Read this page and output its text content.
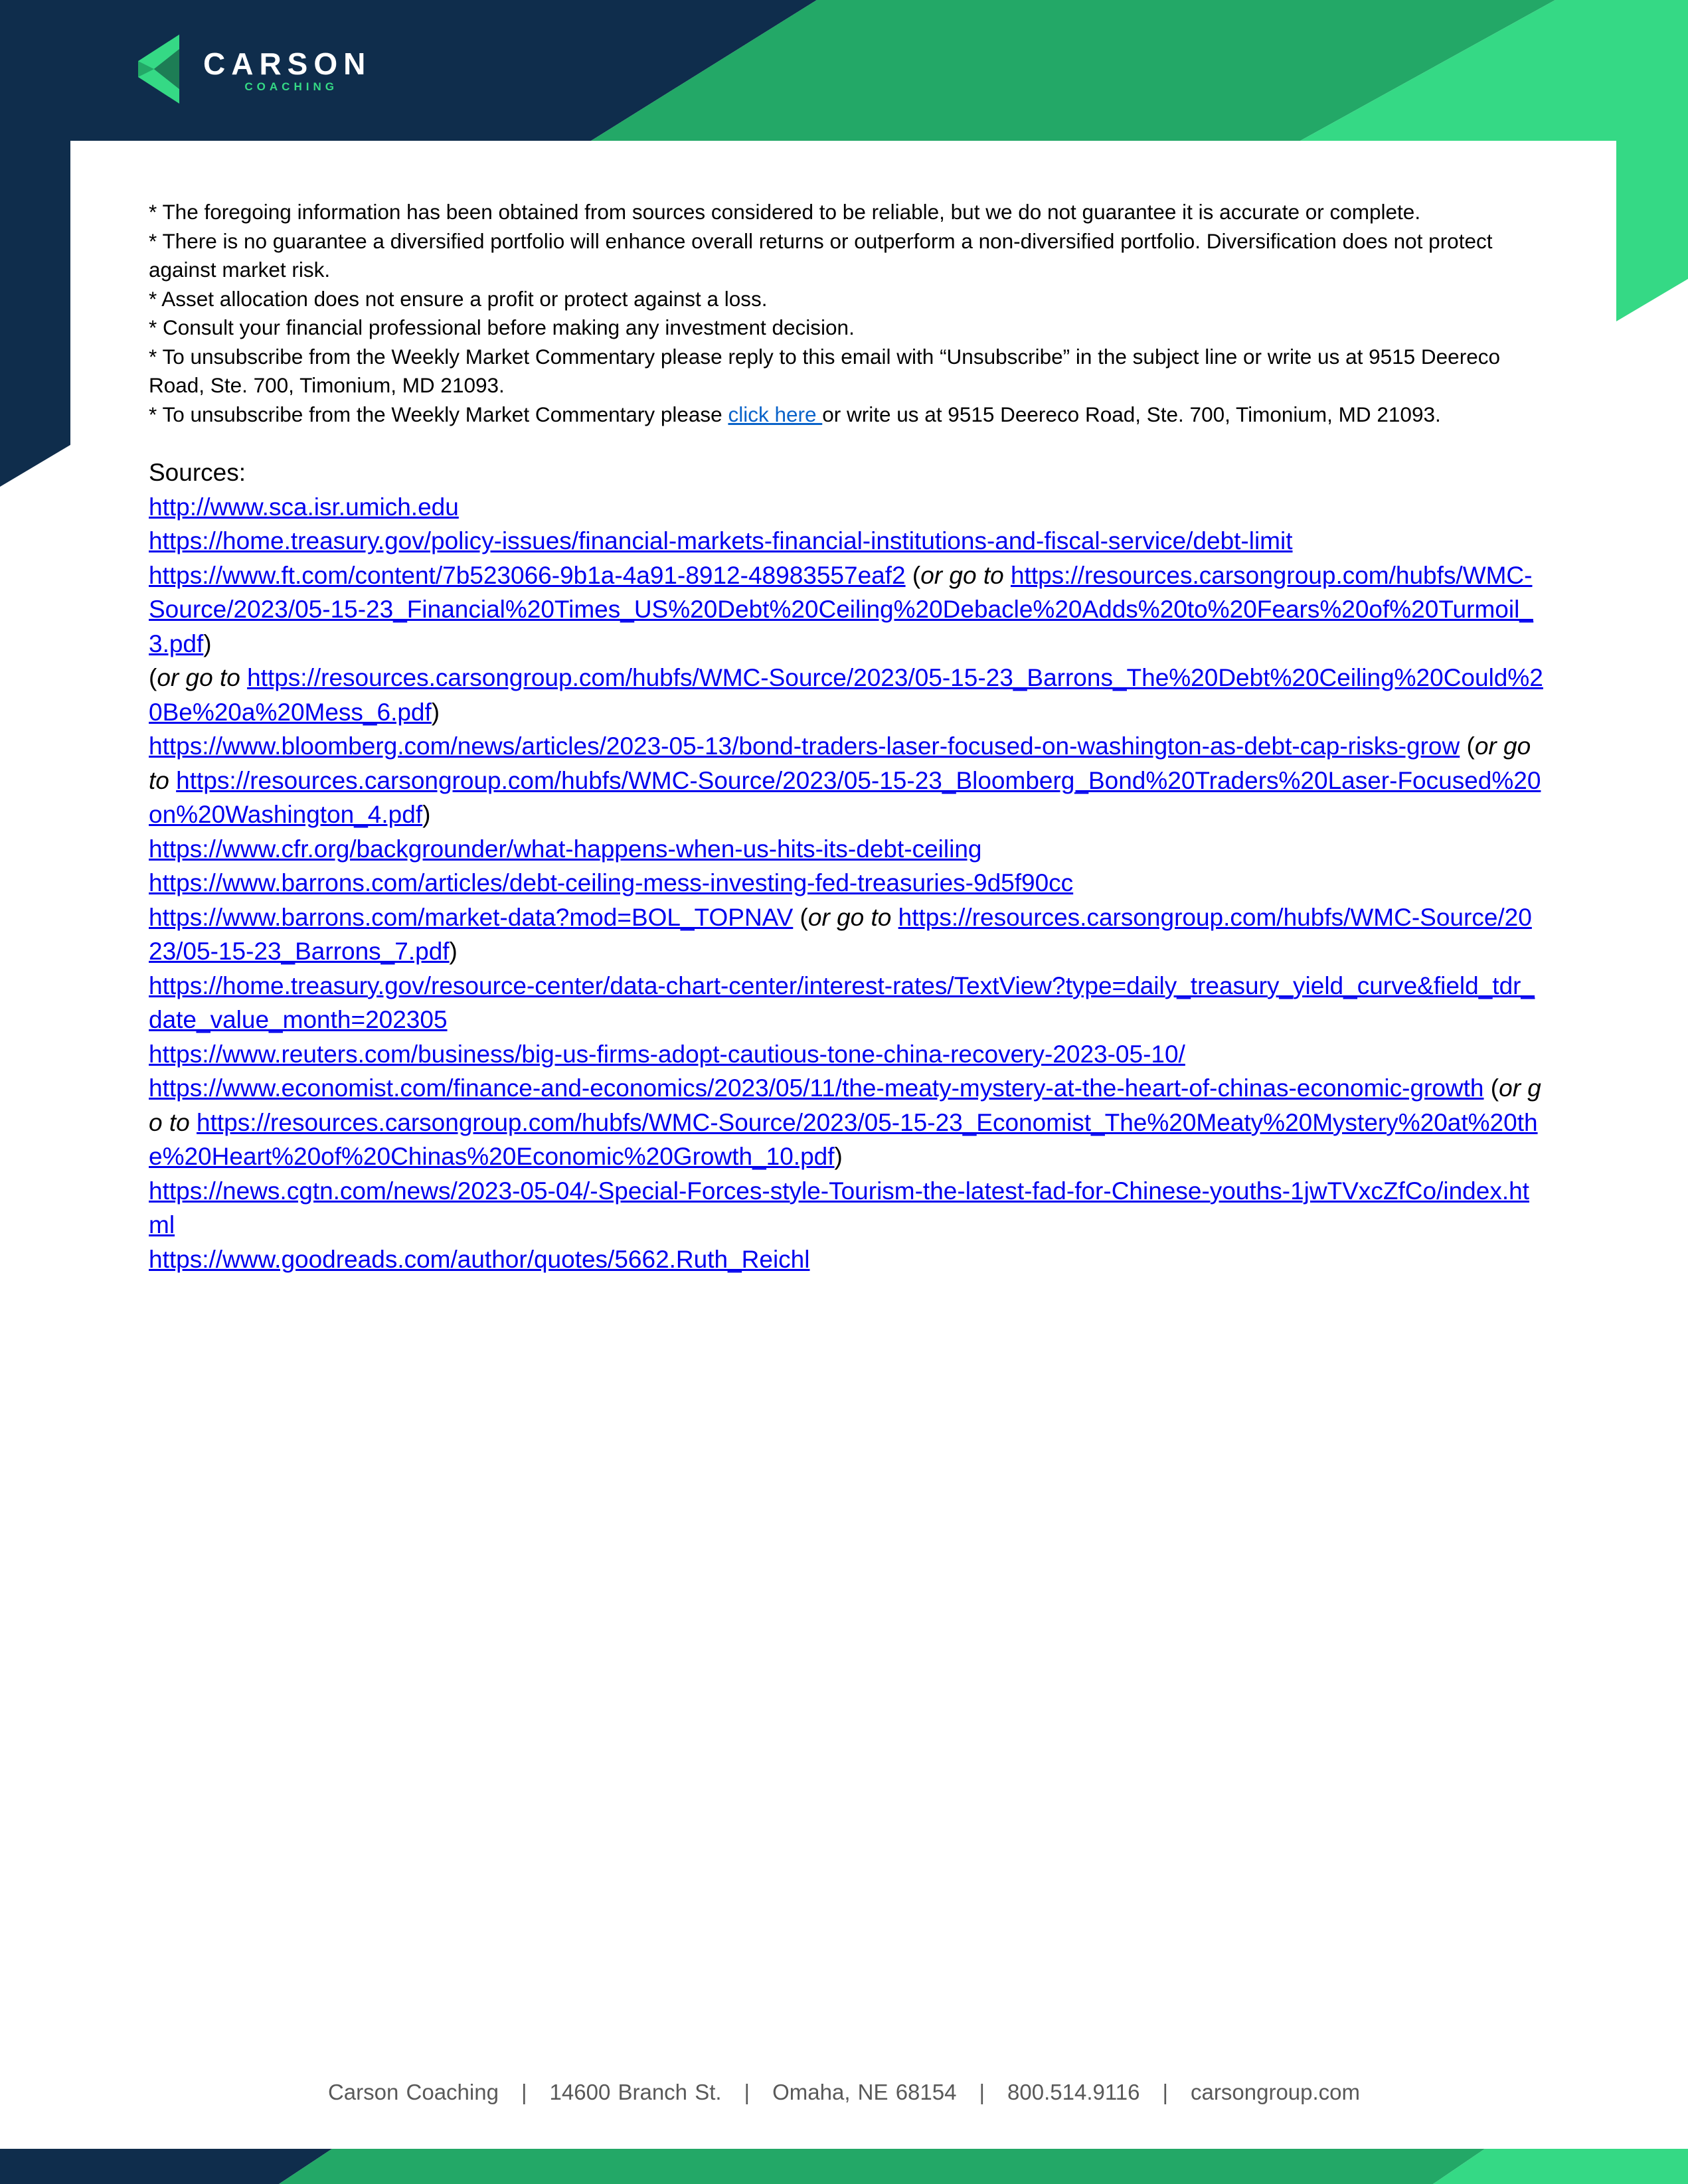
CARSON
COACHING

* The foregoing information has been obtained from sources considered to be reliable, but we do not guarantee it is accurate or complete.

* There is no guarantee a diversified portfolio will enhance overall returns or outperform a non-diversified portfolio. Diversification does not protect against market risk.

* Asset allocation does not ensure a profit or protect against a loss.

* Consult your financial professional before making any investment decision.

* To unsubscribe from the Weekly Market Commentary please reply to this email with “Unsubscribe” in the subject line or write us at 9515 Deereco Road, Ste. 700, Timonium, MD 21093.

* To unsubscribe from the Weekly Market Commentary please click here or write us at 9515 Deereco Road, Ste. 700, Timonium, MD 21093.

Sources:

http://www.sca.isr.umich.edu

https://home.treasury.gov/policy-issues/financial-markets-financial-institutions-and-fiscal-service/debt-limit

https://www.ft.com/content/7b523066-9b1a-4a91-8912-48983557eaf2 (or go to https://resources.carsongroup.com/hubfs/WMC-Source/2023/05-15-23_Financial%20Times_US%20Debt%20Ceiling%20Debacle%20Adds%20to%20Fears%20of%20Turmoil_3.pdf)

(or go to https://resources.carsongroup.com/hubfs/WMC-Source/2023/05-15-23_Barrons_The%20Debt%20Ceiling%20Could%20Be%20a%20Mess_6.pdf)

https://www.bloomberg.com/news/articles/2023-05-13/bond-traders-laser-focused-on-washington-as-debt-cap-risks-grow (or go to https://resources.carsongroup.com/hubfs/WMC-Source/2023/05-15-23_Bloomberg_Bond%20Traders%20Laser-Focused%20on%20Washington_4.pdf)

https://www.cfr.org/backgrounder/what-happens-when-us-hits-its-debt-ceiling

https://www.barrons.com/articles/debt-ceiling-mess-investing-fed-treasuries-9d5f90cc

https://www.barrons.com/market-data?mod=BOL_TOPNAV (or go to https://resources.carsongroup.com/hubfs/WMC-Source/2023/05-15-23_Barrons_7.pdf)

https://home.treasury.gov/resource-center/data-chart-center/interest-rates/TextView?type=daily_treasury_yield_curve&field_tdr_date_value_month=202305

https://www.reuters.com/business/big-us-firms-adopt-cautious-tone-china-recovery-2023-05-10/

https://www.economist.com/finance-and-economics/2023/05/11/the-meaty-mystery-at-the-heart-of-chinas-economic-growth (or go to https://resources.carsongroup.com/hubfs/WMC-Source/2023/05-15-23_Economist_The%20Meaty%20Mystery%20at%20the%20Heart%20of%20Chinas%20Economic%20Growth_10.pdf)

https://news.cgtn.com/news/2023-05-04/-Special-Forces-style-Tourism-the-latest-fad-for-Chinese-youths-1jwTVxcZfCo/index.html

https://www.goodreads.com/author/quotes/5662.Ruth_Reichl

Carson Coaching | 14600 Branch St. | Omaha, NE 68154 | 800.514.9116 | carsongroup.com
